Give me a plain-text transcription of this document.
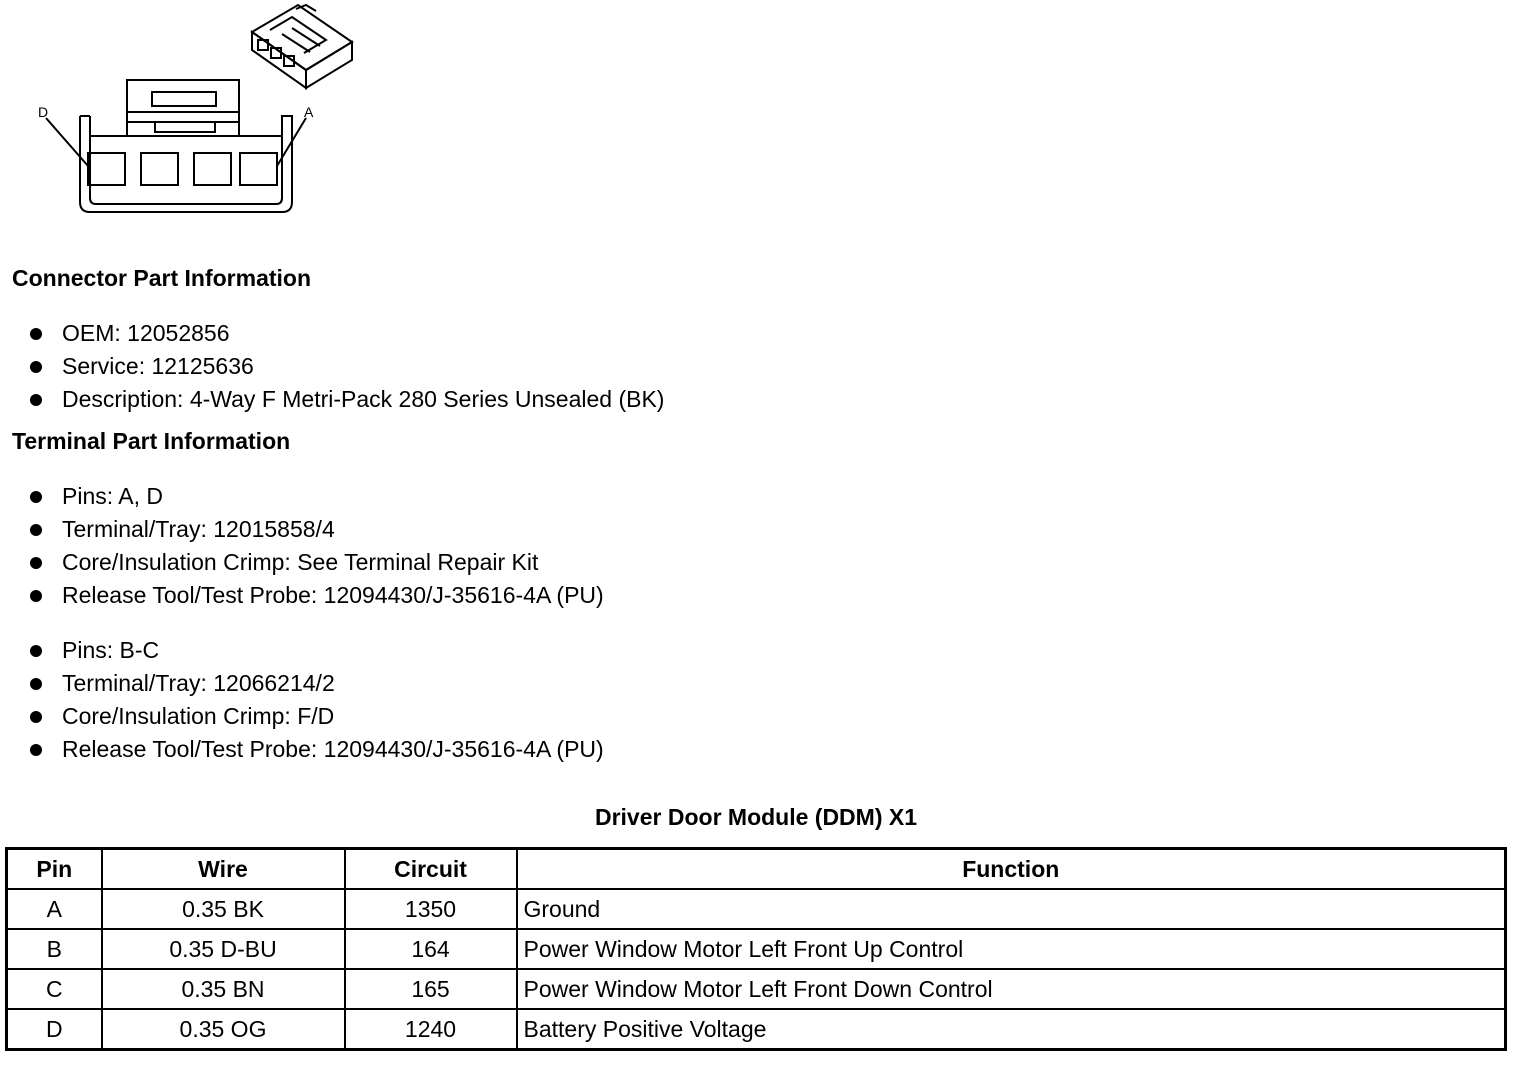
D	A
Connector Part Information
OEM: 12052856
Service: 12125636
Description: 4-Way F Metri-Pack 280 Series Unsealed (BK)
Terminal Part Information
Pins: A, D
Terminal/Tray: 12015858/4
Core/Insulation Crimp: See Terminal Repair Kit
Release Tool/Test Probe: 12094430/J-35616-4A (PU)
Pins: B-C
Terminal/Tray: 12066214/2
Core/Insulation Crimp: F/D
Release Tool/Test Probe: 12094430/J-35616-4A (PU)
Driver Door Module (DDM) X1
Pin	Wire	Circuit	Function
A	0.35 BK	1350	Ground
B	0.35 D-BU	164	Power Window Motor Left Front Up Control
C	0.35 BN	165	Power Window Motor Left Front Down Control
D	0.35 OG	1240	Battery Positive Voltage
